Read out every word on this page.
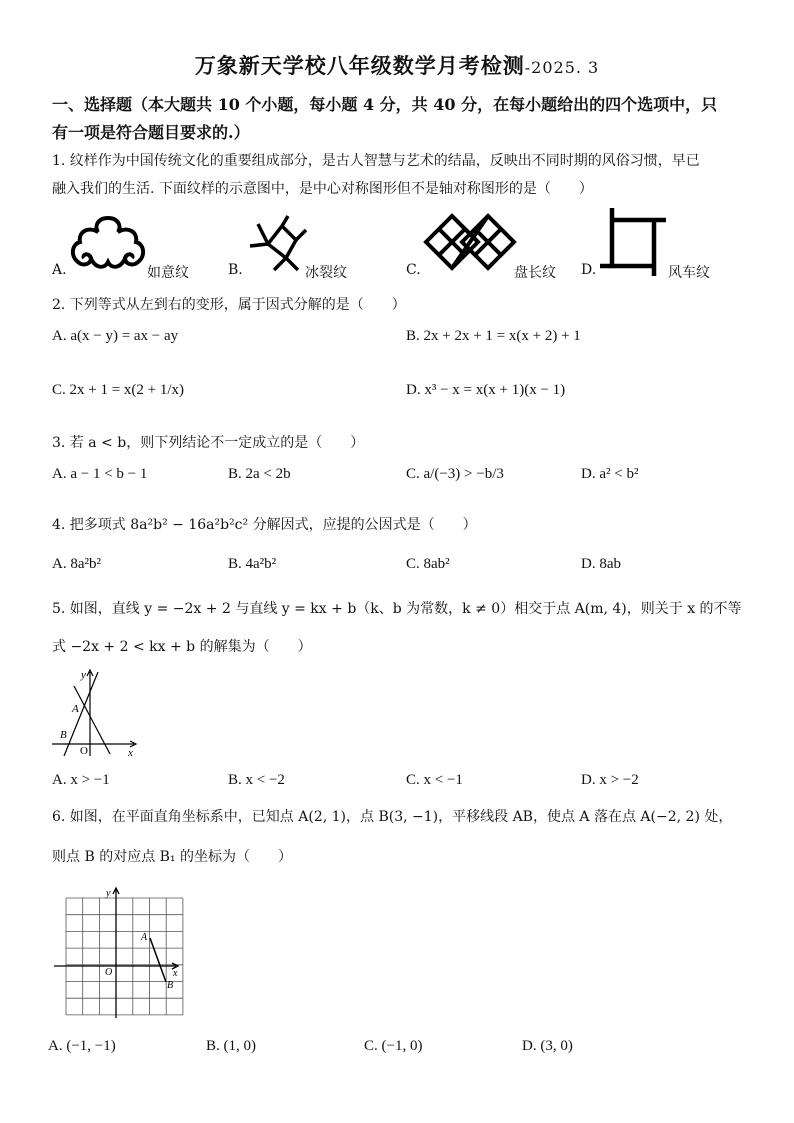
万象新天学校八年级数学月考检测-2025. 3
一、选择题（本大题共 10 个小题，每小题 4 分，共 40 分，在每小题给出的四个选项中，只
有一项是符合题目要求的.）
1. 纹样作为中国传统文化的重要组成部分，是古人智慧与艺术的结晶，反映出不同时期的风俗习惯，早已
融入我们的生活. 下面纹样的示意图中，是中心对称图形但不是轴对称图形的是（　　）
A.	如意纹	B.	冰裂纹	C.	盘长纹 D.	风车纹
2. 下列等式从左到右的变形，属于因式分解的是（　　）
A. a(x − y) = ax − ay	B. 2x + 2x + 1 = x(x + 2) + 1
C. 2x + 1 = x(2 + 1/x)	D. x³ − x = x(x + 1)(x − 1)
3. 若 a < b，则下列结论不一定成立的是（　　）
A. a − 1 < b − 1	B. 2a < 2b	C. a/(−3) > −b/3	D. a² < b²
4. 把多项式 8a²b² − 16a²b²c² 分解因式，应提的公因式是（　　）
A. 8a²b²	B. 4a²b²	C. 8ab²	D. 8ab
5. 如图，直线 y = −2x + 2 与直线 y = kx + b（k、b 为常数，k ≠ 0）相交于点 A(m, 4)，则关于 x 的不等
式 −2x + 2 < kx + b 的解集为（　　）
y
x
A
B
O
A. x > −1	B. x < −2	C. x < −1	D. x > −2
6. 如图，在平面直角坐标系中，已知点 A(2, 1)，点 B(3, −1)，平移线段 AB，使点 A 落在点 A(−2, 2) 处，
则点 B 的对应点 B₁ 的坐标为（　　）
y
x
A
B
O
A. (−1, −1)	B. (1, 0)	C. (−1, 0)	D. (3, 0)
